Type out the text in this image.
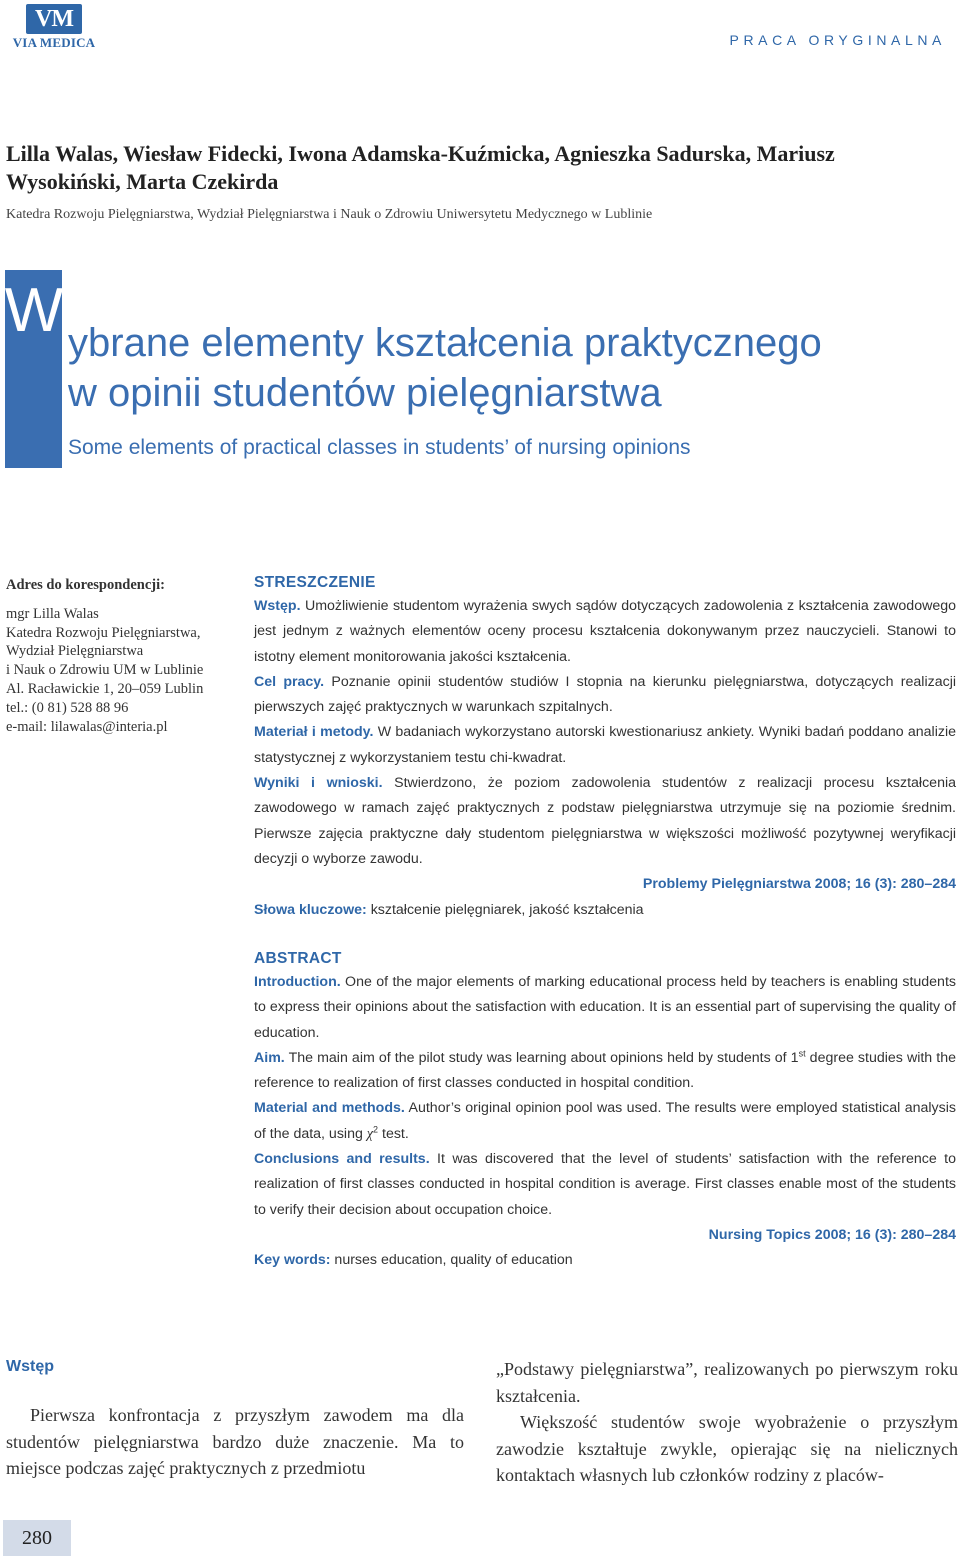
VM
VIA MEDICA	PRACA ORYGINALNA
Lilla Walas, Wiesław Fidecki, Iwona Adamska-Kuźmicka, Agnieszka Sadurska, Mariusz Wysokiński, Marta Czekirda
Katedra Rozwoju Pielęgniarstwa, Wydział Pielęgniarstwa i Nauk o Zdrowiu Uniwersytetu Medycznego w Lublinie
W ybrane elementy kształcenia praktycznego
w opinii studentów pielęgniarstwa
Some elements of practical classes in students’ of nursing opinions
Adres do korespondencji:
mgr Lilla Walas
Katedra Rozwoju Pielęgniarstwa,
Wydział Pielęgniarstwa
i Nauk o Zdrowiu UM w Lublinie
Al. Racławickie 1, 20–059 Lublin
tel.: (0 81) 528 88 96
e-mail: lilawalas@interia.pl
STRESZCZENIE

Wstęp. Umożliwienie studentom wyrażenia swych sądów dotyczących zadowolenia z kształcenia zawodowego jest jednym z ważnych elementów oceny procesu kształcenia dokonywanym przez nauczycieli. Stanowi to istotny element monitorowania jakości kształcenia.

Cel pracy. Poznanie opinii studentów studiów I stopnia na kierunku pielęgniarstwa, dotyczących realizacji pierwszych zajęć praktycznych w warunkach szpitalnych.

Materiał i metody. W badaniach wykorzystano autorski kwestionariusz ankiety. Wyniki badań poddano analizie statystycznej z wykorzystaniem testu chi-kwadrat.

Wyniki i wnioski. Stwierdzono, że poziom zadowolenia studentów z realizacji procesu kształcenia zawodowego w ramach zajęć praktycznych z podstaw pielęgniarstwa utrzymuje się na poziomie średnim. Pierwsze zajęcia praktyczne dały studentom pielęgniarstwa w większości możliwość pozytywnej weryfikacji decyzji o wyborze zawodu.

Problemy Pielęgniarstwa 2008; 16 (3): 280–284

Słowa kluczowe: kształcenie pielęgniarek, jakość kształcenia

ABSTRACT

Introduction. One of the major elements of marking educational process held by teachers is enabling students to express their opinions about the satisfaction with education. It is an essential part of supervising the quality of education.

Aim. The main aim of the pilot study was learning about opinions held by students of 1st degree studies with the reference to realization of first classes conducted in hospital condition.

Material and methods. Author’s original opinion pool was used. The results were employed statistical analysis of the data, using $\chi^2$ test.

Conclusions and results. It was discovered that the level of students’ satisfaction with the reference to realization of first classes conducted in hospital condition is average. First classes enable most of the students to verify their decision about occupation choice.

Nursing Topics 2008; 16 (3): 280–284

Key words: nurses education, quality of education

Wstęp

Pierwsza konfrontacja z przyszłym zawodem ma dla studentów pielęgniarstwa bardzo duże znaczenie. Ma to miejsce podczas zajęć praktycznych z przedmiotu

„Podstawy pielęgniarstwa”, realizowanych po pierwszym roku kształcenia.

Większość studentów swoje wyobrażenie o przyszłym zawodzie kształtuje zwykle, opierając się na nielicznych kontaktach własnych lub członków rodziny z placów-

280
